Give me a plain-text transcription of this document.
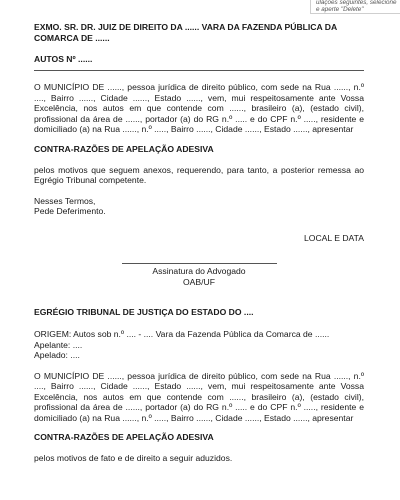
ulações seguintes, selecione e aperte "Delete"

EXMO. SR. DR. JUIZ DE DIREITO DA ...... VARA DA FAZENDA PÚBLICA DA COMARCA DE ......

AUTOS Nº ......

O MUNICÍPIO DE ......, pessoa jurídica de direito público, com sede na Rua ......, n.º ...., Bairro ......, Cidade ......, Estado ......, vem, mui respeitosamente ante Vossa Excelência, nos autos em que contende com ......, brasileiro (a), (estado civil), profissional da área de ......, portador (a) do RG n.º ..... e do CPF n.º ....., residente e domiciliado (a) na Rua ......, n.º ....., Bairro ......, Cidade ......, Estado ......, apresentar

CONTRA-RAZÕES DE APELAÇÃO ADESIVA

pelos motivos que seguem anexos, requerendo, para tanto, a posterior remessa ao Egrégio Tribunal competente.

Nesses Termos,

Pede Deferimento.

LOCAL E DATA

Assinatura do Advogado

OAB/UF

EGRÉGIO TRIBUNAL DE JUSTIÇA DO ESTADO DO ....

ORIGEM: Autos sob n.º .... - .... Vara da Fazenda Pública da Comarca de ......

Apelante: ....

Apelado: ....

O MUNICÍPIO DE ......, pessoa jurídica de direito público, com sede na Rua ......, n.º ...., Bairro ......, Cidade ......, Estado ......, vem, mui respeitosamente ante Vossa Excelência, nos autos em que contende com ......, brasileiro (a), (estado civil), profissional da área de ......, portador (a) do RG n.º ..... e do CPF n.º ....., residente e domiciliado (a) na Rua ......, n.º ....., Bairro ......, Cidade ......, Estado ......, apresentar

CONTRA-RAZÕES DE APELAÇÃO ADESIVA

pelos motivos de fato e de direito a seguir aduzidos.
